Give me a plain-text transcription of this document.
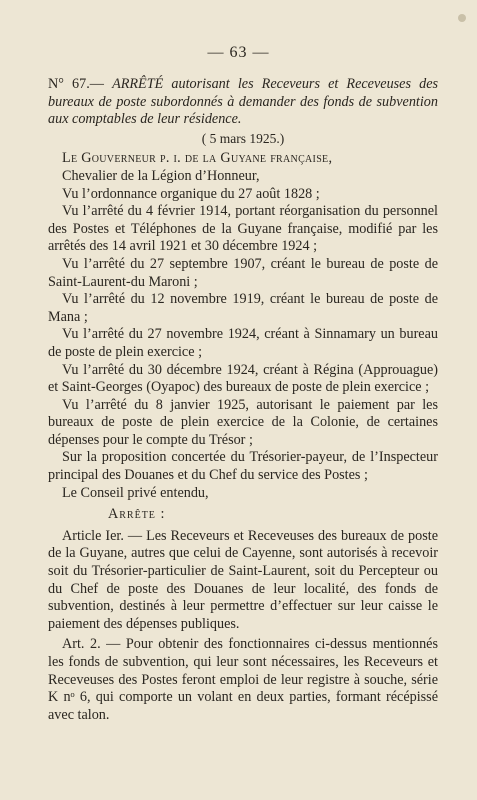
— 63 —
N° 67.— ARRÊTÉ autorisant les Receveurs et Receveuses des bureaux de poste subordonnés à demander des fonds de subvention aux comptables de leur résidence.
( 5 mars 1925.)

Le Gouverneur p. i. de la Guyane française,

Chevalier de la Légion d’Honneur,

Vu l’ordonnance organique du 27 août 1828 ;

Vu l’arrêté du 4 février 1914, portant réorganisation du personnel des Postes et Téléphones de la Guyane française, modifié par les arrêtés des 14 avril 1921 et 30 décembre 1924 ;

Vu l’arrêté du 27 septembre 1907, créant le bureau de poste de Saint-Laurent-du Maroni ;

Vu l’arrêté du 12 novembre 1919, créant le bureau de poste de Mana ;

Vu l’arrêté du 27 novembre 1924, créant à Sinnamary un bureau de poste de plein exercice ;

Vu l’arrêté du 30 décembre 1924, créant à Régina (Approuague) et Saint-Georges (Oyapoc) des bureaux de poste de plein exercice ;

Vu l’arrêté du 8 janvier 1925, autorisant le paiement par les bureaux de poste de plein exercice de la Colonie, de certaines dépenses pour le compte du Trésor ;

Sur la proposition concertée du Trésorier-payeur, de l’Inspecteur principal des Douanes et du Chef du service des Postes ;

Le Conseil privé entendu,

Arrête :

Article Ier. — Les Receveurs et Receveuses des bureaux de poste de la Guyane, autres que celui de Cayenne, sont autorisés à recevoir soit du Trésorier-particulier de Saint-Laurent, soit du Percepteur ou du Chef de poste des Douanes de leur localité, des fonds de subvention, destinés à leur permettre d’effectuer sur leur caisse le paiement des dépenses publiques.

Art. 2. — Pour obtenir des fonctionnaires ci-dessus mentionnés les fonds de subvention, qui leur sont nécessaires, les Receveurs et Receveuses des Postes feront emploi de leur registre à souche, série K nᵒ 6, qui comporte un volant en deux parties, formant récépissé avec talon.
